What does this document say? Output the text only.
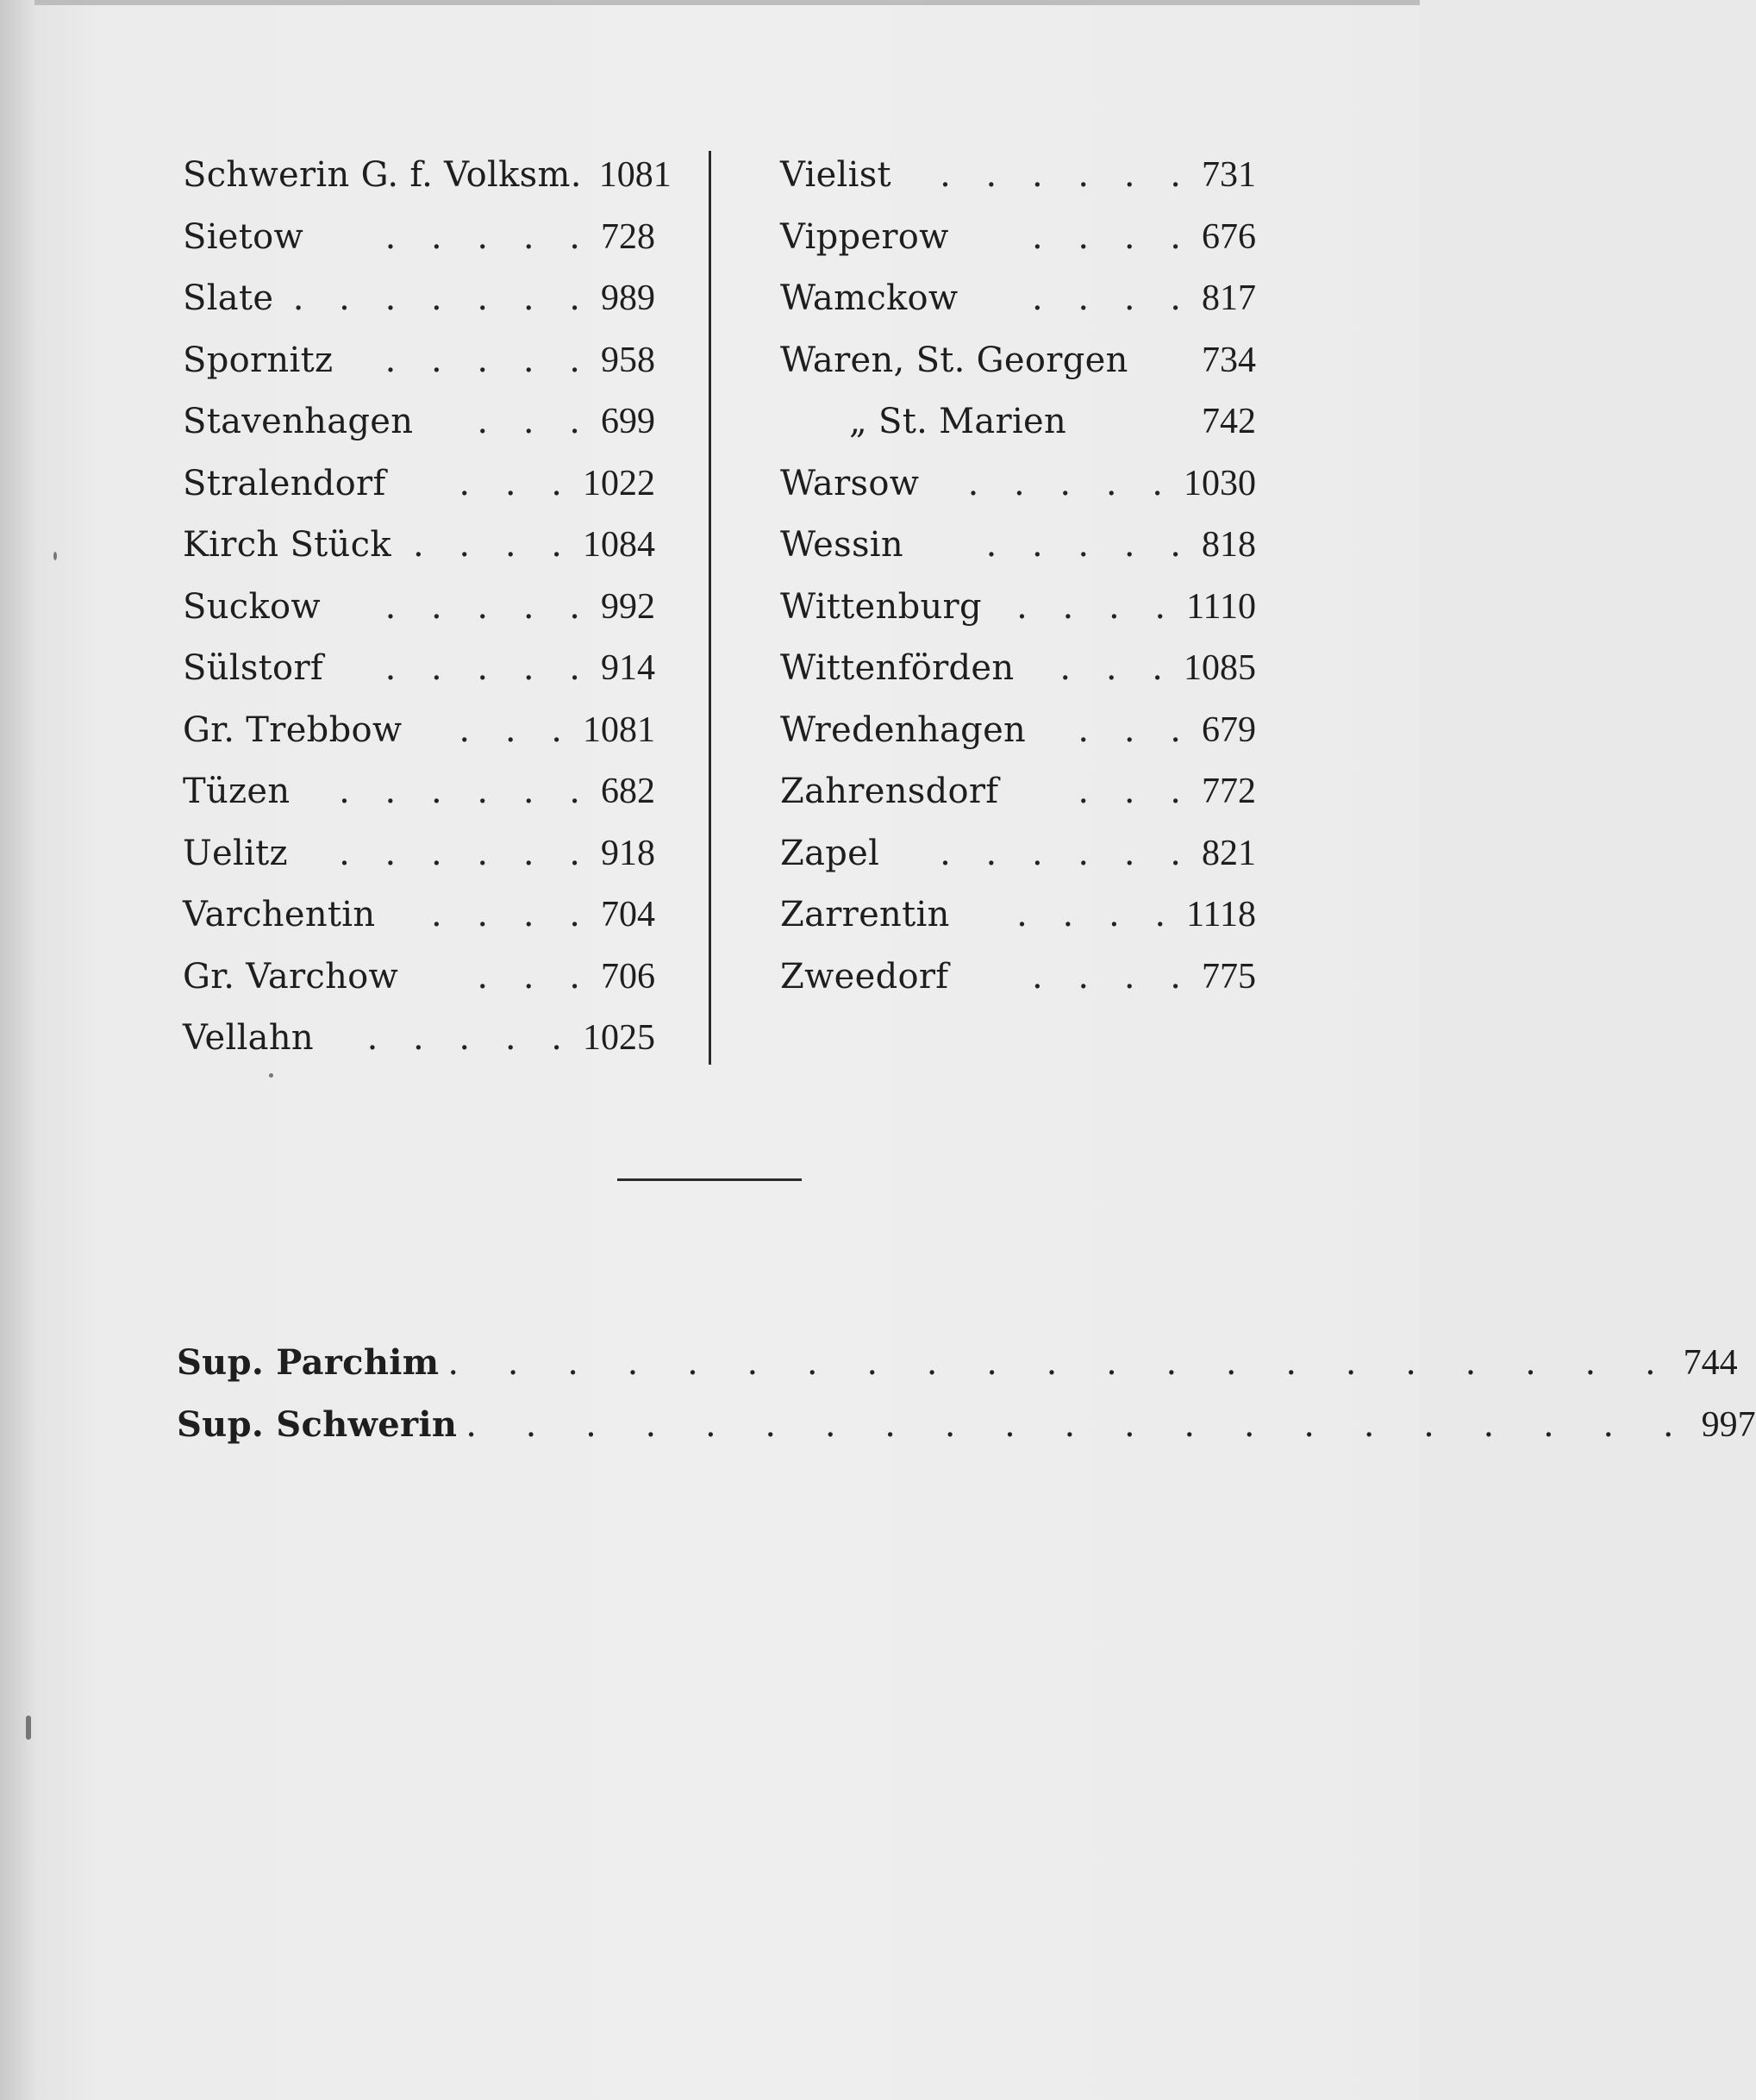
Schwerin G. f. Volksm. 1081
Sietow	. . . . . 728
Slate . . . . . . . 989
Spornitz	. . . . . 958
Stavenhagen	. . . 699
Stralendorf	. . . 1022
Kirch Stück . . . . 1084
Suckow	. . . . . 992
Sülstorf	. . . . . 914
Gr. Trebbow	. . . 1081
Tüzen	. . . . . . 682
Uelitz	. . . . . . 918
Varchentin	. . . . 704
Gr. Varchow	. . . 706
Vellahn	. . . . . 1025
Vielist	. . . . . . 731
Vipperow	. . . . 676
Wamckow	. . . . 817
Waren, St. Georgen 734
„ St. Marien	742
Warsow	. . . . . 1030
Wessin	. . . . . 818
Wittenburg	. . . . 1110
Wittenförden	. . . 1085
Wredenhagen	. . . 679
Zahrensdorf	. . . 772
Zapel	. . . . . . 821
Zarrentin	. . . . 1118
Zweedorf	. . . . 775
Sup. Parchim . . . . . . . . . . . . . . . . . . . . . 744
Sup. Schwerin . . . . . . . . . . . . . . . . . . . . . 997
